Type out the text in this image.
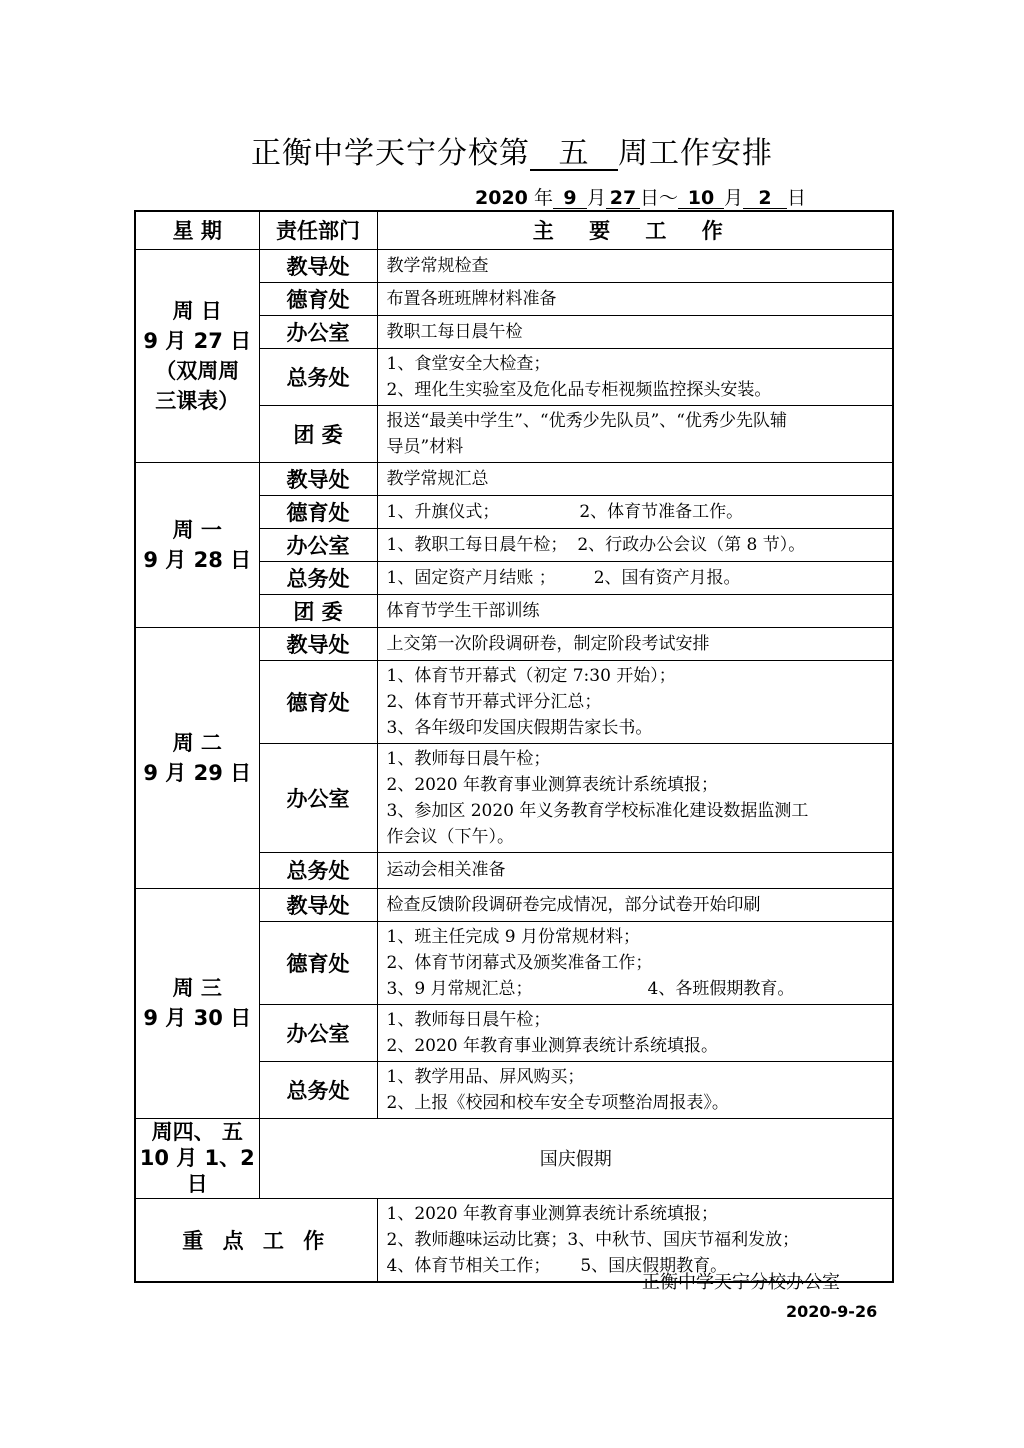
正衡中学天宁分校第 五 周工作安排
2020 年 9 月 27 日～ 10 月 2 日
星 期	责任部门	主 要 工 作

周 日
9 月 27 日
（双周周
三课表）	教导处	教学常规检查

	德育处	布置各班班牌材料准备

	办公室	教职工每日晨午检

	总务处	1、食堂安全大检查；
2、理化生实验室及危化品专柜视频监控探头安装。

	团 委	报送“最美中学生”、“优秀少先队员”、“优秀少先队辅
导员”材料

周 一
9 月 28 日	教导处	教学常规汇总

	德育处	1、升旗仪式； 2、体育节准备工作。

	办公室	1、教职工每日晨午检； 2、行政办公会议（第 8 节）。

	总务处	1、固定资产月结账 ； 2、国有资产月报。

	团 委	体育节学生干部训练

周 二
9 月 29 日	教导处	上交第一次阶段调研卷，制定阶段考试安排

	德育处	1、体育节开幕式（初定 7:30 开始）；
2、体育节开幕式评分汇总；
3、各年级印发国庆假期告家长书。

	办公室	1、教师每日晨午检；
2、2020 年教育事业测算表统计系统填报；
3、参加区 2020 年义务教育学校标准化建设数据监测工
作会议（下午）。

	总务处	运动会相关准备

周 三
9 月 30 日	教导处	检查反馈阶段调研卷完成情况，部分试卷开始印刷

	德育处	1、班主任完成 9 月份常规材料；
2、体育节闭幕式及颁奖准备工作；
3、9 月常规汇总； 4、各班假期教育。

	办公室	1、教师每日晨午检；
2、2020 年教育事业测算表统计系统填报。

	总务处	1、教学用品、屏风购买；
2、上报《校园和校车安全专项整治周报表》。

周四、 五
10 月 1、2
日	国庆假期	
重 点 工 作		1、2020 年教育事业测算表统计系统填报；
2、教师趣味运动比赛；3、中秋节、国庆节福利发放；
4、体育节相关工作； 5、国庆假期教育。
正衡中学天宁分校办公室
2020-9-26
